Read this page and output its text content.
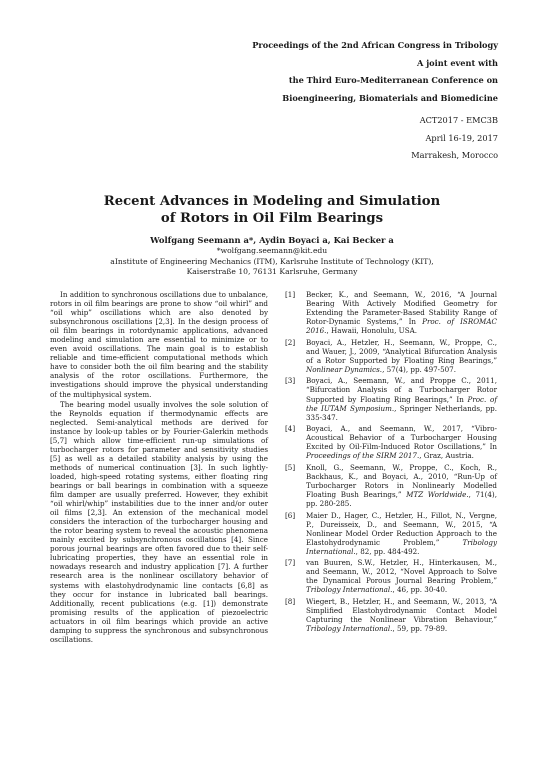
Proceedings of the 2nd African Congress in Tribology

A joint event with

the Third Euro-Mediterranean Conference on

Bioengineering, Biomaterials and Biomedicine

ACT2017 - EMC3B

April 16-19, 2017

Marrakesh, Morocco

Recent Advances in Modeling and Simulation
of Rotors in Oil Film Bearings
Wolfgang Seemann a*, Aydin Boyaci a, Kai Becker a
*wolfgang.seemann@kit.edu
aInstitute of Engineering Mechanics (ITM), Karlsruhe Institute of Technology (KIT),
Kaiserstraße 10, 76131 Karlsruhe, Germany

In addition to synchronous oscillations due to unbalance, rotors in oil film bearings are prone to show “oil whirl” and “oil whip” oscillations which are also denoted by subsynchronous oscillations [2,3]. In the design process of oil film bearings in rotordynamic applications, advanced modeling and simulation are essential to minimize or to even avoid oscillations. The main goal is to establish reliable and time-efficient computational methods which have to consider both the oil film bearing and the stability analysis of the rotor oscillations. Furthermore, the investigations should improve the physical understanding of the multiphysical system.

The bearing model usually involves the sole solution of the Reynolds equation if thermodynamic effects are neglected. Semi-analytical methods are derived for instance by look-up tables or by Fourier-Galerkin methods [5,7] which allow time-efficient run-up simulations of turbocharger rotors for parameter and sensitivity studies [5] as well as a detailed stability analysis by using the methods of numerical continuation [3]. In such lightly-loaded, high-speed rotating systems, either floating ring bearings or ball bearings in combination with a squeeze film damper are usually preferred. However, they exhibit “oil whirl/whip” instabilities due to the inner and/or outer oil films [2,3]. An extension of the mechanical model considers the interaction of the turbocharger housing and the rotor bearing system to reveal the acoustic phenomena mainly excited by subsynchronous oscillations [4]. Since porous journal bearings are often favored due to their self-lubricating properties, they have an essential role in nowadays research and industry application [7]. A further research area is the nonlinear oscillatory behavior of systems with elastohydrodynamic line contacts [6,8] as they occur for instance in lubricated ball bearings. Additionally, recent publications (e.g. [1]) demonstrate promising results of the application of piezoelectric actuators in oil film bearings which provide an active damping to suppress the synchronous and subsynchronous oscillations.

[1]	Becker, K., and Seemann, W., 2016, “A Journal Bearing With Actively Modified Geometry for Extending the Parameter-Based Stability Range of Rotor-Dynamic Systems,” In Proc. of ISROMAC 2016., Hawaii, Honolulu, USA.
[2]	Boyaci, A., Hetzler, H., Seemann, W., Proppe, C., and Wauer, J., 2009, “Analytical Bifurcation Analysis of a Rotor Supported by Floating Ring Bearings,” Nonlinear Dynamics., 57(4), pp. 497-507.
[3]	Boyaci, A., Seemann, W., and Proppe C., 2011, “Bifurcation Analysis of a Turbocharger Rotor Supported by Floating Ring Bearings,” In Proc. of the IUTAM Symposium., Springer Netherlands, pp. 335-347.
[4]	Boyaci, A., and Seemann, W., 2017, “Vibro-Acoustical Behavior of a Turbocharger Housing Excited by Oil-Film-Induced Rotor Oscillations,” In Proceedings of the SIRM 2017., Graz, Austria.
[5]	Knoll, G., Seemann, W., Proppe, C., Koch, R., Backhaus, K., and Boyaci, A., 2010, “Run-Up of Turbocharger Rotors in Nonlinearly Modelled Floating Bush Bearings,” MTZ Worldwide., 71(4), pp. 280-285.
[6]	Maier D., Hager, C., Hetzler, H., Fillot, N., Vergne, P., Dureisseix, D., and Seemann, W., 2015, “A Nonlinear Model Order Reduction Approach to the Elastohydrodynamic Problem,” Tribology International., 82, pp. 484-492.
[7]	van Buuren, S.W., Hetzler, H., Hinterkausen, M., and Seemann, W., 2012, “Novel Approach to Solve the Dynamical Porous Journal Bearing Problem,” Tribology International., 46, pp. 30-40.
[8]	Wiegert, B., Hetzler, H., and Seemann, W., 2013, “A Simplified Elastohydrodynamic Contact Model Capturing the Nonlinear Vibration Behaviour,” Tribology International., 59, pp. 79-89.
